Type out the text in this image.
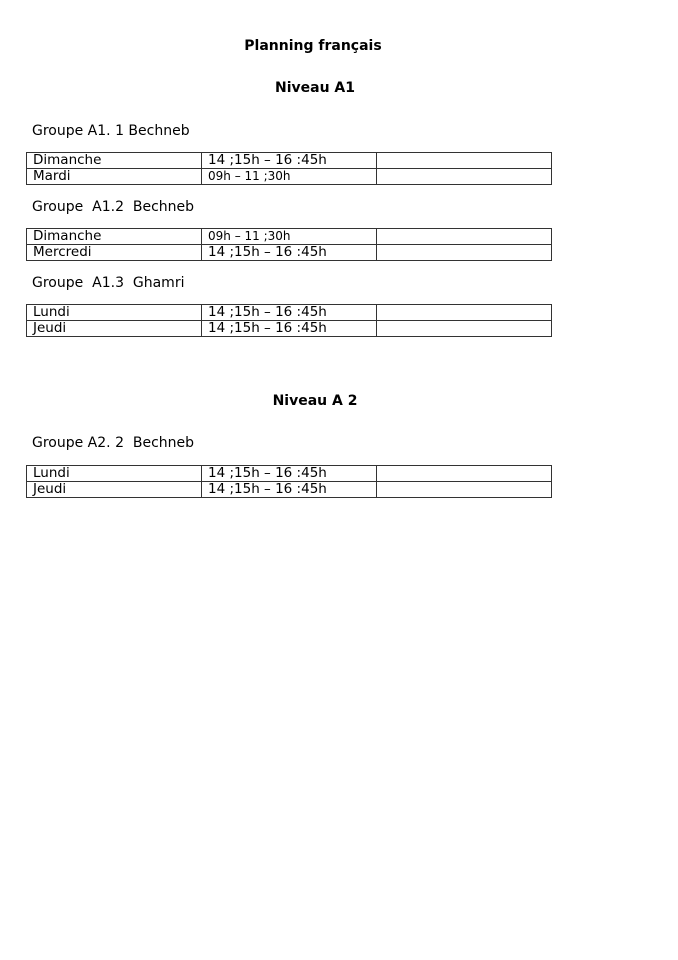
Planning français
Niveau A1
Groupe A1. 1 Bechneb
Dimanche	14 ;15h – 16 :45h	
Mardi	09h – 11 ;30h	
Groupe  A1.2  Bechneb
Dimanche	09h – 11 ;30h	
Mercredi	14 ;15h – 16 :45h	
Groupe  A1.3  Ghamri
Lundi	14 ;15h – 16 :45h	
Jeudi	14 ;15h – 16 :45h	
Niveau A 2
Groupe A2. 2  Bechneb
Lundi	14 ;15h – 16 :45h	
Jeudi	14 ;15h – 16 :45h	
